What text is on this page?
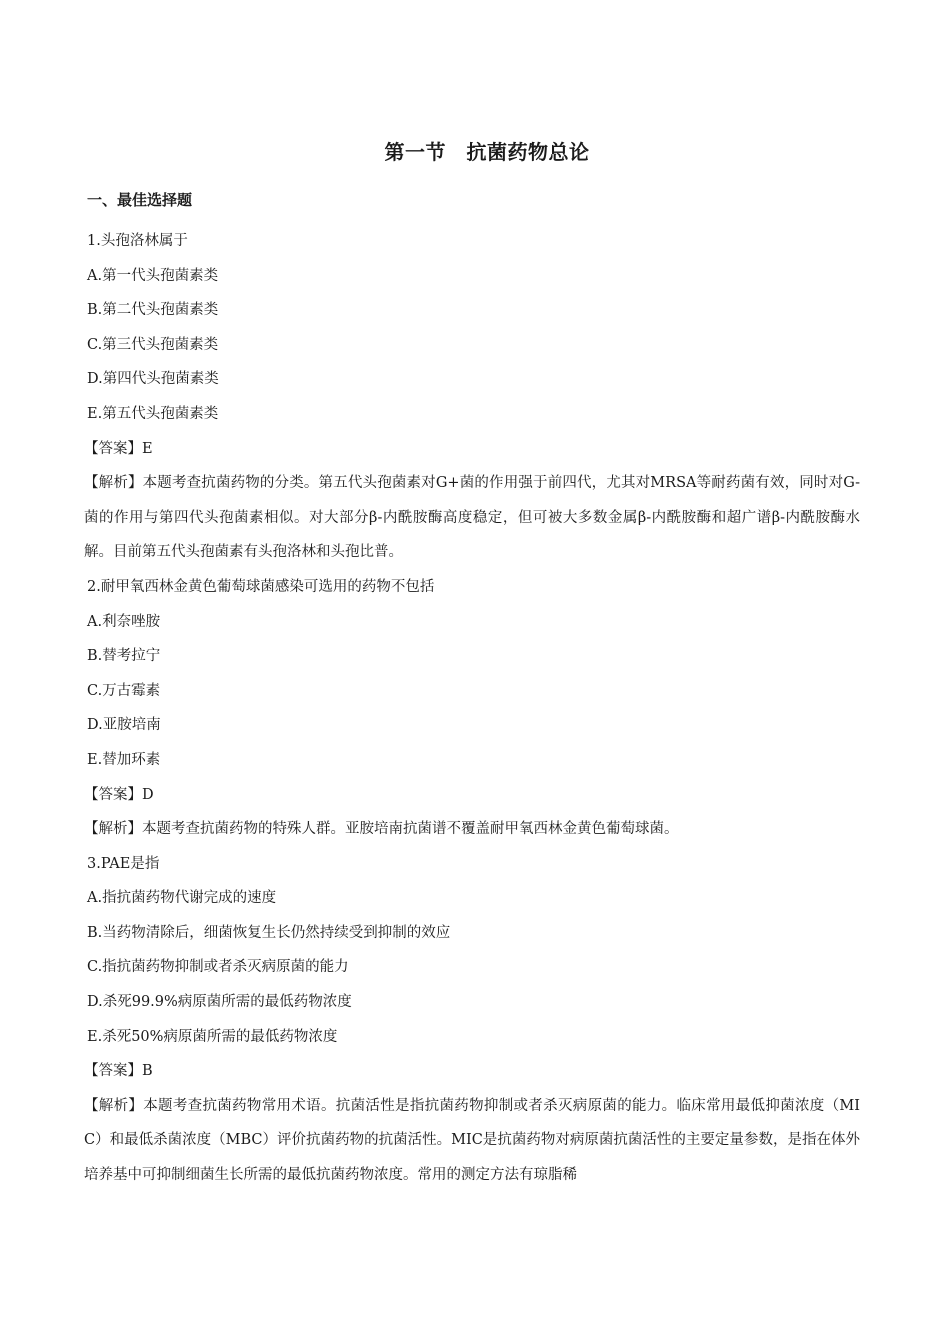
第一节　抗菌药物总论
一、最佳选择题
1.头孢洛林属于
A.第一代头孢菌素类
B.第二代头孢菌素类
C.第三代头孢菌素类
D.第四代头孢菌素类
E.第五代头孢菌素类
【答案】E
【解析】本题考查抗菌药物的分类。第五代头孢菌素对G+菌的作用强于前四代，尤其对MRSA等耐药菌有效，同时对G-菌的作用与第四代头孢菌素相似。对大部分β-内酰胺酶高度稳定，但可被大多数金属β-内酰胺酶和超广谱β-内酰胺酶水解。目前第五代头孢菌素有头孢洛林和头孢比普。
2.耐甲氧西林金黄色葡萄球菌感染可选用的药物不包括
A.利奈唑胺
B.替考拉宁
C.万古霉素
D.亚胺培南
E.替加环素
【答案】D
【解析】本题考查抗菌药物的特殊人群。亚胺培南抗菌谱不覆盖耐甲氧西林金黄色葡萄球菌。
3.PAE是指
A.指抗菌药物代谢完成的速度
B.当药物清除后，细菌恢复生长仍然持续受到抑制的效应
C.指抗菌药物抑制或者杀灭病原菌的能力
D.杀死99.9%病原菌所需的最低药物浓度
E.杀死50%病原菌所需的最低药物浓度
【答案】B
【解析】本题考查抗菌药物常用术语。抗菌活性是指抗菌药物抑制或者杀灭病原菌的能力。临床常用最低抑菌浓度（MIC）和最低杀菌浓度（MBC）评价抗菌药物的抗菌活性。MIC是抗菌药物对病原菌抗菌活性的主要定量参数，是指在体外培养基中可抑制细菌生长所需的最低抗菌药物浓度。常用的测定方法有琼脂稀
